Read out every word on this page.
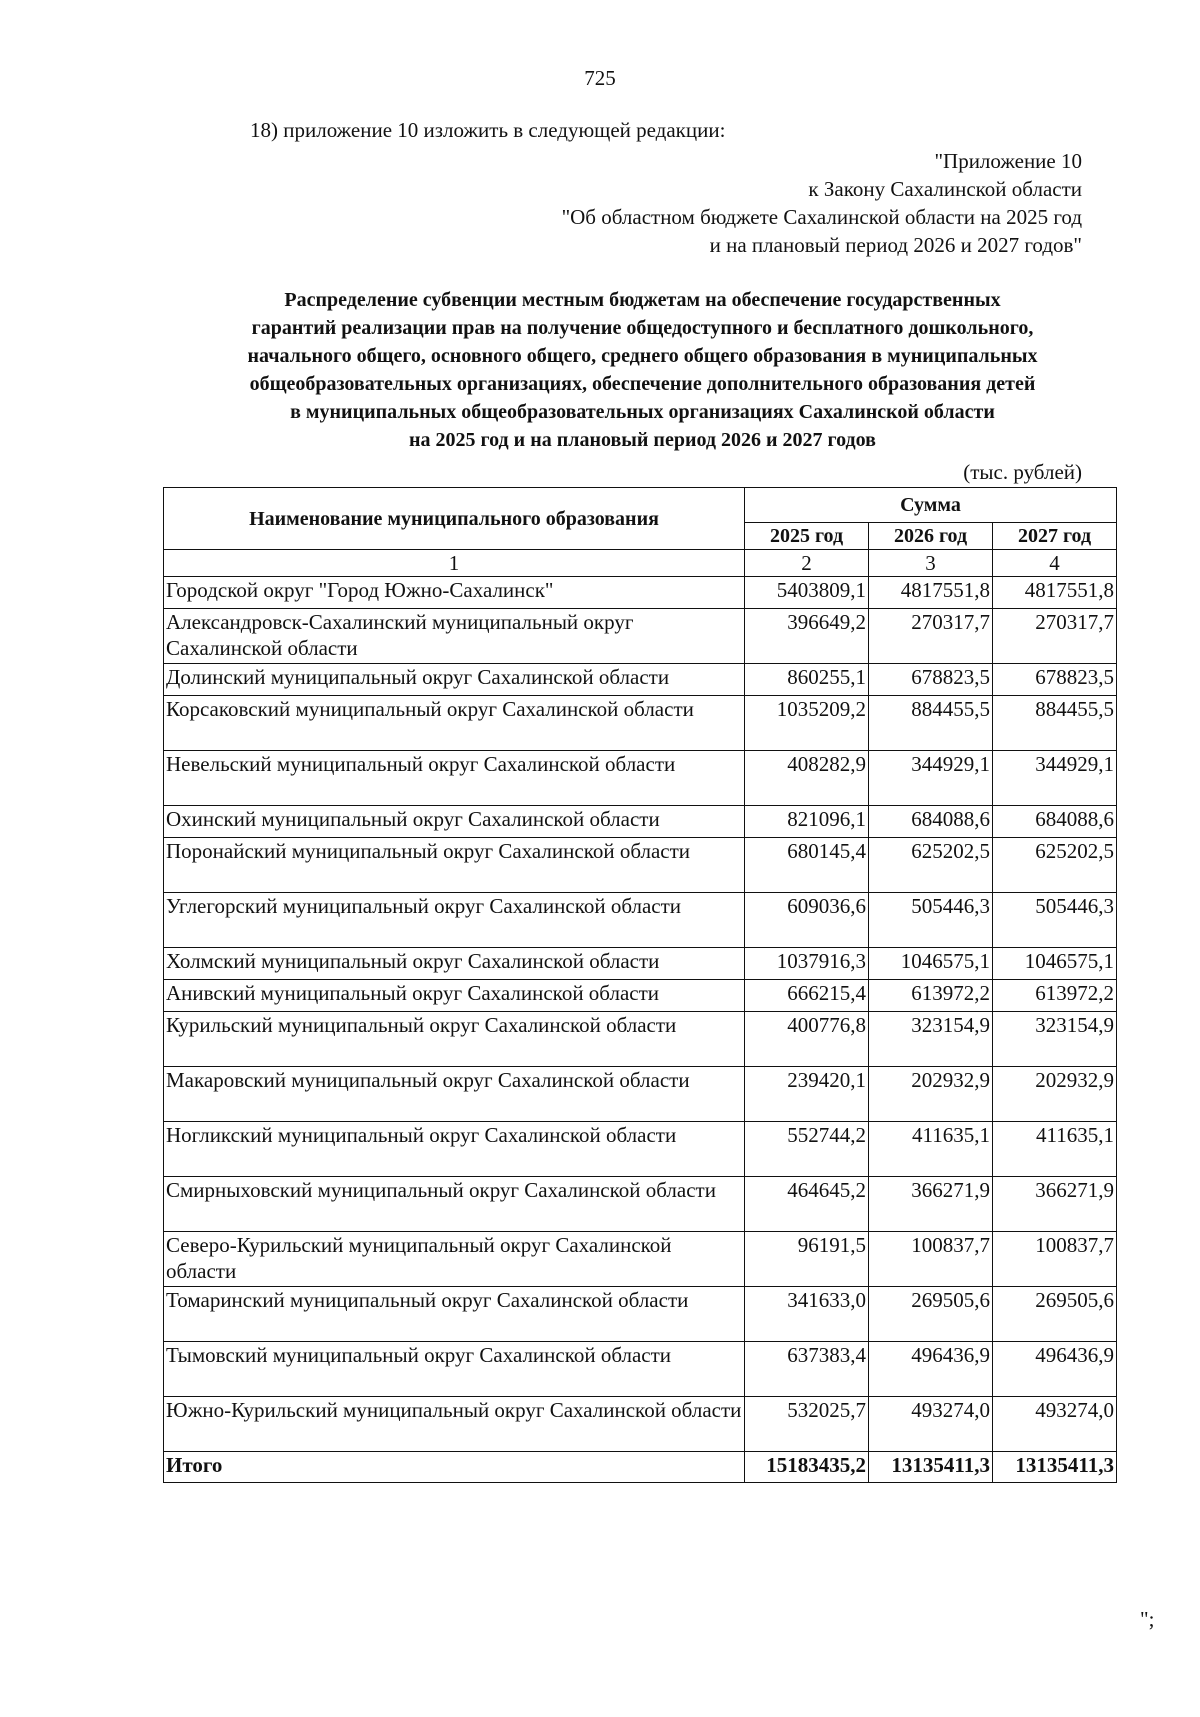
725
18) приложение 10 изложить в следующей редакции:
"Приложение 10
к Закону Сахалинской области
"Об областном бюджете Сахалинской области на 2025 год
и на плановый период 2026 и 2027 годов"
Распределение субвенции местным бюджетам на обеспечение государственных
гарантий реализации прав на получение общедоступного и бесплатного дошкольного,
начального общего, основного общего, среднего общего образования в муниципальных
общеобразовательных организациях, обеспечение дополнительного образования детей
в муниципальных общеобразовательных организациях Сахалинской области
на 2025 год и на плановый период 2026 и 2027 годов
(тыс. рублей)
Наименование муниципального образования	Сумма		
	2025 год	2026 год	2027 год
1	2	3	4
Городской округ "Город Южно-Сахалинск"	5403809,1	4817551,8	4817551,8
Александровск-Сахалинский муниципальный округ Сахалинской области	396649,2	270317,7	270317,7
Долинский муниципальный округ Сахалинской области	860255,1	678823,5	678823,5
Корсаковский муниципальный округ Сахалинской области	1035209,2	884455,5	884455,5
Невельский муниципальный округ Сахалинской области	408282,9	344929,1	344929,1
Охинский муниципальный округ Сахалинской области	821096,1	684088,6	684088,6
Поронайский муниципальный округ Сахалинской области	680145,4	625202,5	625202,5
Углегорский муниципальный округ Сахалинской области	609036,6	505446,3	505446,3
Холмский муниципальный округ Сахалинской области	1037916,3	1046575,1	1046575,1
Анивский муниципальный округ Сахалинской области	666215,4	613972,2	613972,2
Курильский муниципальный округ Сахалинской области	400776,8	323154,9	323154,9
Макаровский муниципальный округ Сахалинской области	239420,1	202932,9	202932,9
Ногликский муниципальный округ Сахалинской области	552744,2	411635,1	411635,1
Смирныховский муниципальный округ Сахалинской области	464645,2	366271,9	366271,9
Северо-Курильский муниципальный округ Сахалинской области	96191,5	100837,7	100837,7
Томаринский муниципальный округ Сахалинской области	341633,0	269505,6	269505,6
Тымовский муниципальный округ Сахалинской области	637383,4	496436,9	496436,9
Южно-Курильский муниципальный округ Сахалинской области	532025,7	493274,0	493274,0
Итого	15183435,2	13135411,3	13135411,3
";
